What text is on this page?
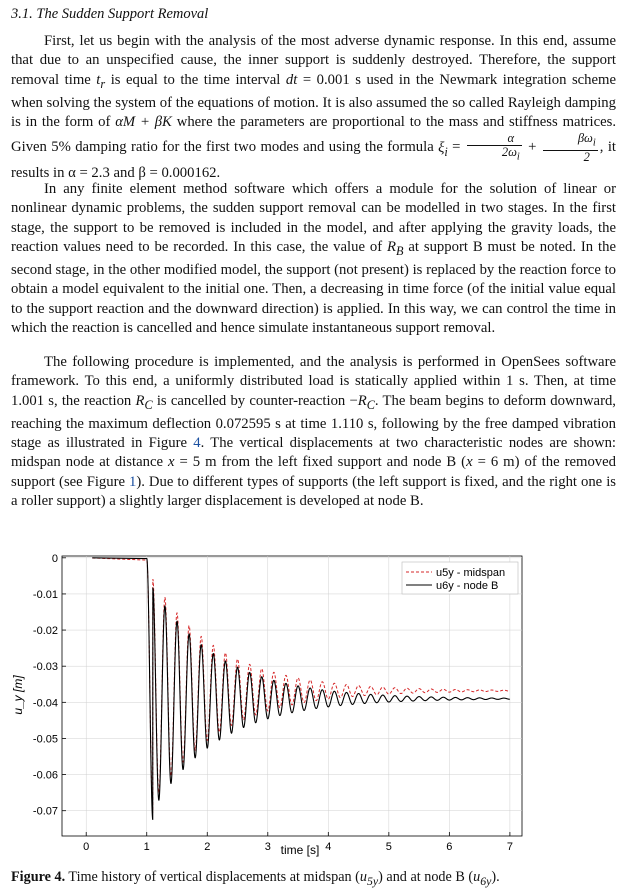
3.1. The Sudden Support Removal

First, let us begin with the analysis of the most adverse dynamic response. In this end, assume that due to an unspecified cause, the inner support is suddenly destroyed. Therefore, the support removal time $t_r$ is equal to the time interval dt = 0.001 s used in the Newmark integration scheme when solving the system of the equations of motion. It is also assumed the so called Rayleigh damping is in the form of αM + βK where the parameters are proportional to the mass and stiffness matrices. Given 5% damping ratio for the first two modes and using the formula $\xi_i = \frac{\alpha}{2\omega_i} + \frac{\beta\omega_i}{2}$ , it results in α = 2.3 and β = 0.000162.

In any finite element method software which offers a module for the solution of linear or nonlinear dynamic problems, the sudden support removal can be modelled in two stages. In the first stage, the support to be removed is included in the model, and after applying the gravity loads, the reaction values need to be recorded. In this case, the value of $R_B$ at support B must be noted. In the second stage, in the other modified model, the support (not present) is replaced by the reaction force to obtain a model equivalent to the initial one. Then, a decreasing in time force (of the initial value equal to the support reaction and the downward direction) is applied. In this way, we can control the time in which the reaction is cancelled and hence simulate instantaneous support removal.

The following procedure is implemented, and the analysis is performed in OpenSees software framework. To this end, a uniformly distributed load is statically applied within 1 s. Then, at time 1.001 s, the reaction $R_C$ is cancelled by counter-reaction $-R_C$. The beam begins to deform downward, reaching the maximum deflection 0.072595 s at time 1.110 s, following by the free damped vibration stage as illustrated in Figure 4. The vertical displacements at two characteristic nodes are shown: midspan node at distance x = 5 m from the left fixed support and node B (x = 6 m) of the removed support (see Figure 1). Due to different types of supports (the left support is fixed, and the right one is a roller support) a slightly larger displacement is developed at node B.

0	1	2	3	4	5	6	7
0
-0.01
-0.02
-0.03
-0.04
-0.05
-0.06
-0.07
time [s]
u_y [m]
u5y - midspan
u6y - node B
Figure 4. Time history of vertical displacements at midspan $(u_{5y})$ and at node B $(u_{6y})$.
